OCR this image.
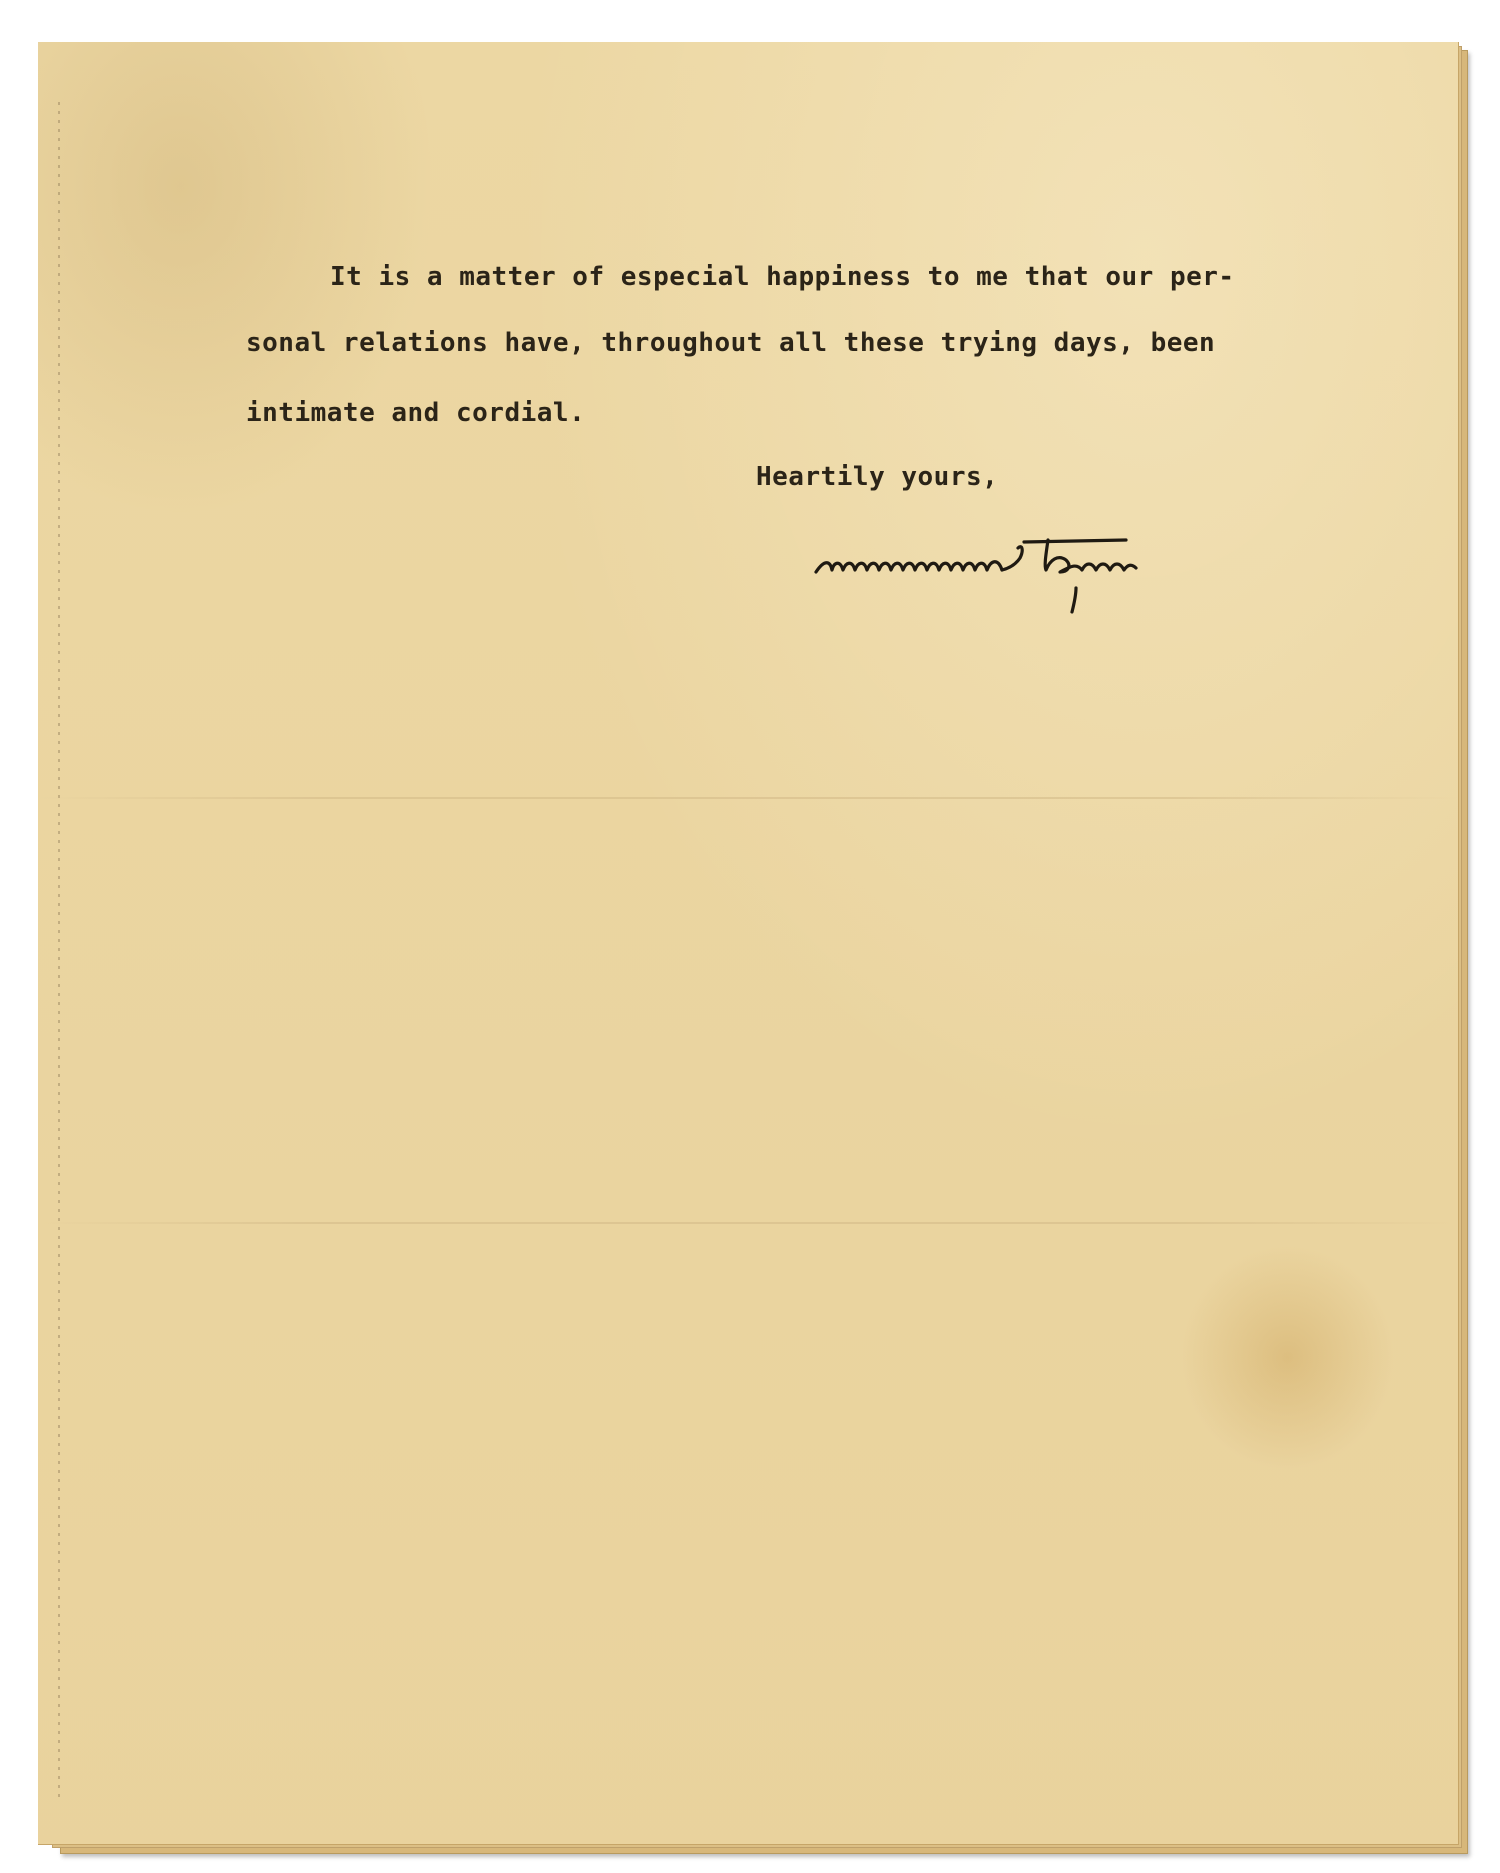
It is a matter of especial happiness to me that our per-
sonal relations have, throughout all these trying days, been
intimate and cordial.
Heartily yours,
